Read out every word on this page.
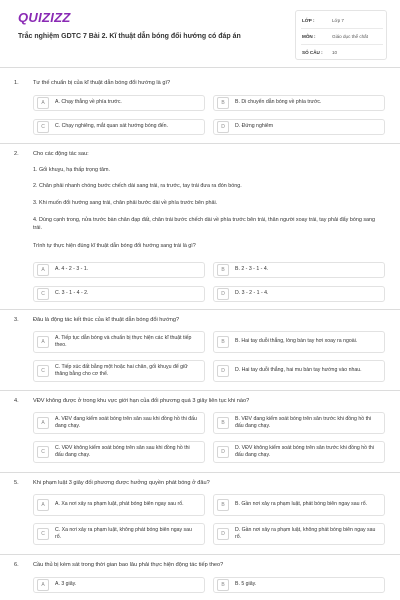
QUIZIZZ
Trắc nghiệm GDTC 7 Bài 2. Kĩ thuật dẫn bóng đổi hướng có đáp án
LỚP :	Lớp 7
MÔN :	Giáo dục thể chất
SỐ CÂU :	10
1.	Tư thế chuẩn bị của kĩ thuật dẫn bóng đổi hướng là gì?
A	A. Chạy thẳng về phía trước.	B	B. Di chuyển dẫn bóng về phía trước.
C	C. Chạy nghiêng, mắt quan sát hướng bóng đến.	D	D. Đứng nghiêm
2.	Cho các động tác sau:
1. Gối khuỵu, hạ thấp trọng tâm.
2. Chân phải nhanh chóng bước chếch dài sang trái, ra trước, tay trái đưa ra đón bóng.
3. Khi muốn đổi hướng sang trái, chân phải bước dài về phía trước bên phải.
4. Dùng cạnh trong, nửa trước bàn chân đạp đất, chân trái bước chếch dài về phía trước bên trái, thân người xoay trái, tay phải đẩy bóng sang trái.
Trình tự thực hiện đúng kĩ thuật dẫn bóng đổi hướng sang trái là gì?
A	A. 4 - 2 - 3 - 1.	B	B. 2 - 3 - 1 - 4.
C	C. 3 - 1 - 4 - 2.	D	D. 3 - 2 - 1 - 4.
3.	Đâu là động tác kết thúc của kĩ thuật dẫn bóng đổi hướng?
A
A. Tiếp tục dẫn bóng và chuẩn bị thực hiện các kĩ thuật tiếp theo.	B	B. Hai tay duỗi thẳng, lòng bàn tay hơi xoay ra ngoài.
C
C. Tiếp xúc đất bằng một hoặc hai chân, gối khuỵu để giữ thăng bằng cho cơ thể.	D	D. Hai tay duỗi thẳng, hai mu bàn tay hướng vào nhau.
4.	VĐV không được ở trong khu vực giới hạn của đối phương quá 3 giây liên tục khi nào?
A
A. VĐV đang kiểm soát bóng trên sân sau khi đồng hồ thi đấu đang chạy.	B
B. VĐV đang kiểm soát bóng trên sân trước khi đồng hồ thi đấu đang chạy.
C
C. VĐV không kiểm soát bóng trên sân sau khi đồng hồ thi đấu đang chạy.	D
D. VĐV không kiểm soát bóng trên sân trước khi đồng hồ thi đấu đang chạy.
5.	Khi phạm luật 3 giây đối phương được hưởng quyền phát bóng ở đâu?
A	A. Xa nơi xảy ra phạm luật, phát bóng biên ngay sau rổ.	B	B. Gần nơi xảy ra phạm luật, phát bóng biên ngay sau rổ.
C
C. Xa nơi xảy ra phạm luật, không phát bóng biên ngay sau rổ.	D
D. Gần nơi xảy ra phạm luật, không phát bóng biên ngay sau rổ.
6.	Cầu thủ bị kèm sát trong thời gian bao lâu phải thực hiện động tác tiếp theo?
A	A. 3 giây.	B	B. 5 giây.
